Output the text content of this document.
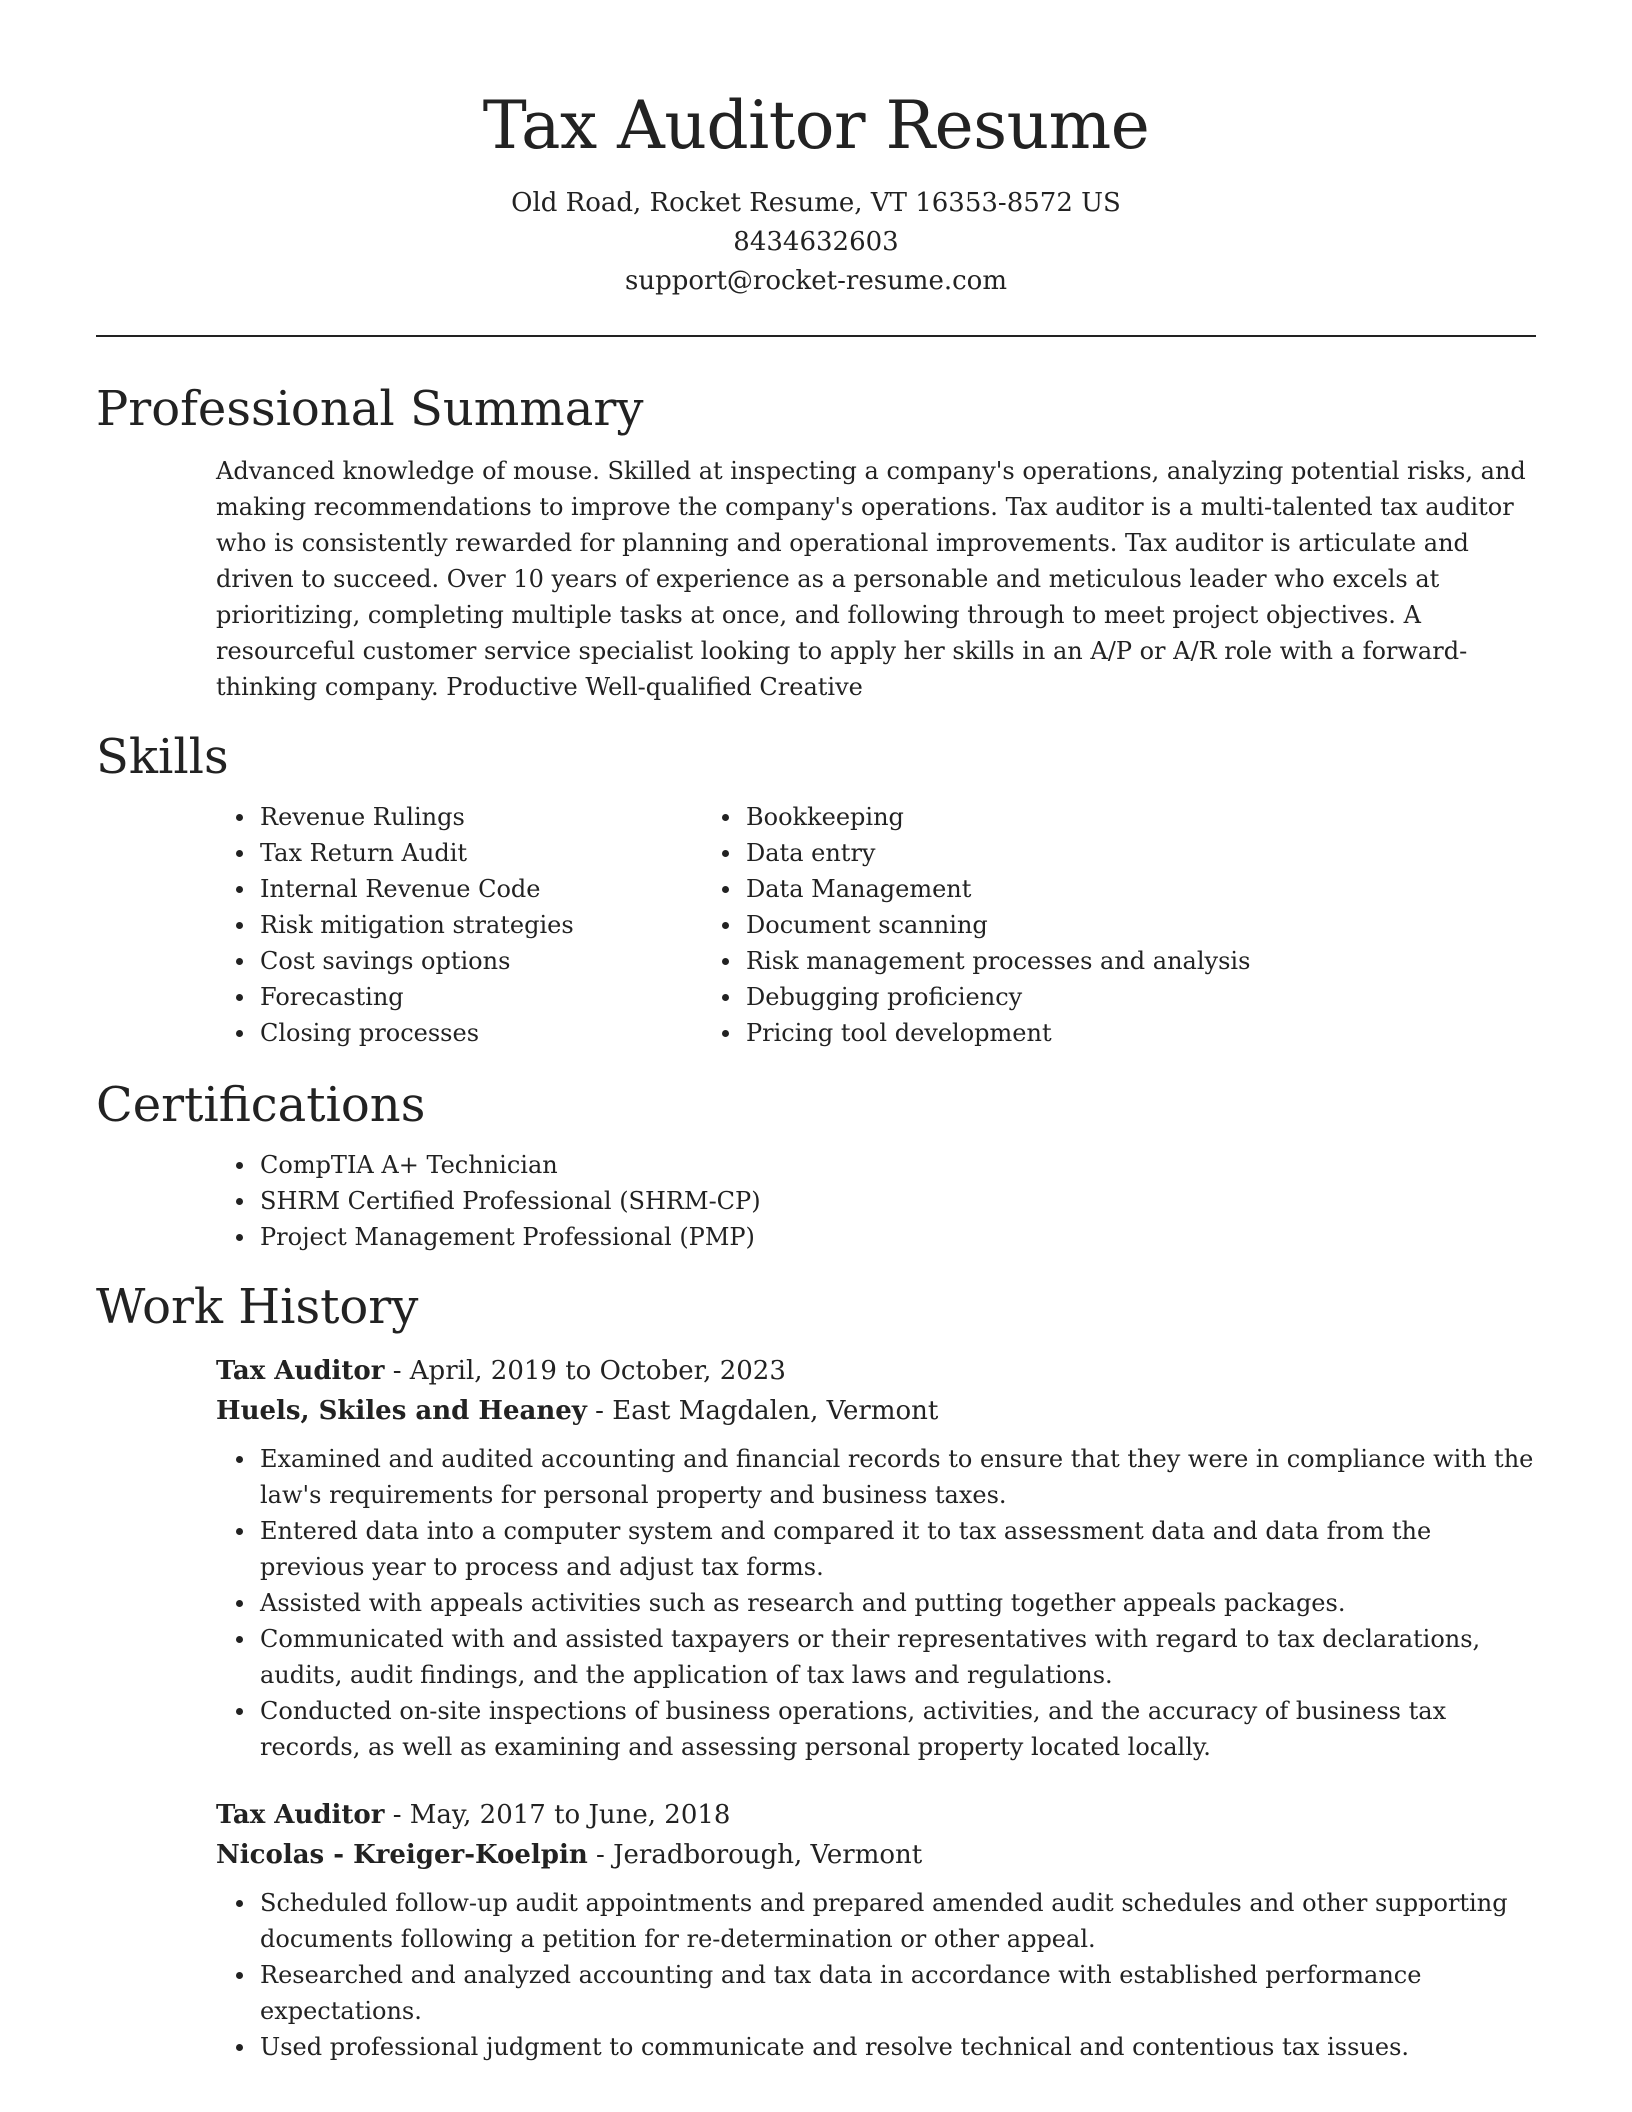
Tax Auditor Resume
Old Road, Rocket Resume, VT 16353-8572 US
8434632603
support@rocket-resume.com
Professional Summary
Advanced knowledge of mouse. Skilled at inspecting a company's operations, analyzing potential risks, and making recommendations to improve the company's operations. Tax auditor is a multi-talented tax auditor who is consistently rewarded for planning and operational improvements. Tax auditor is articulate and driven to succeed. Over 10 years of experience as a personable and meticulous leader who excels at prioritizing, completing multiple tasks at once, and following through to meet project objectives. A resourceful customer service specialist looking to apply her skills in an A/P or A/R role with a forward-thinking company. Productive Well-qualified Creative
Skills
Revenue Rulings
Tax Return Audit
Internal Revenue Code
Risk mitigation strategies
Cost savings options
Forecasting
Closing processes
Bookkeeping
Data entry
Data Management
Document scanning
Risk management processes and analysis
Debugging proficiency
Pricing tool development
Certifications
CompTIA A+ Technician
SHRM Certified Professional (SHRM-CP)
Project Management Professional (PMP)
Work History
Tax Auditor - April, 2019 to October, 2023
Huels, Skiles and Heaney - East Magdalen, Vermont
Examined and audited accounting and financial records to ensure that they were in compliance with the law's requirements for personal property and business taxes.
Entered data into a computer system and compared it to tax assessment data and data from the previous year to process and adjust tax forms.
Assisted with appeals activities such as research and putting together appeals packages.
Communicated with and assisted taxpayers or their representatives with regard to tax declarations, audits, audit findings, and the application of tax laws and regulations.
Conducted on-site inspections of business operations, activities, and the accuracy of business tax records, as well as examining and assessing personal property located locally.
Tax Auditor - May, 2017 to June, 2018
Nicolas - Kreiger-Koelpin - Jeradborough, Vermont
Scheduled follow-up audit appointments and prepared amended audit schedules and other supporting documents following a petition for re-determination or other appeal.
Researched and analyzed accounting and tax data in accordance with established performance expectations.
Used professional judgment to communicate and resolve technical and contentious tax issues.
